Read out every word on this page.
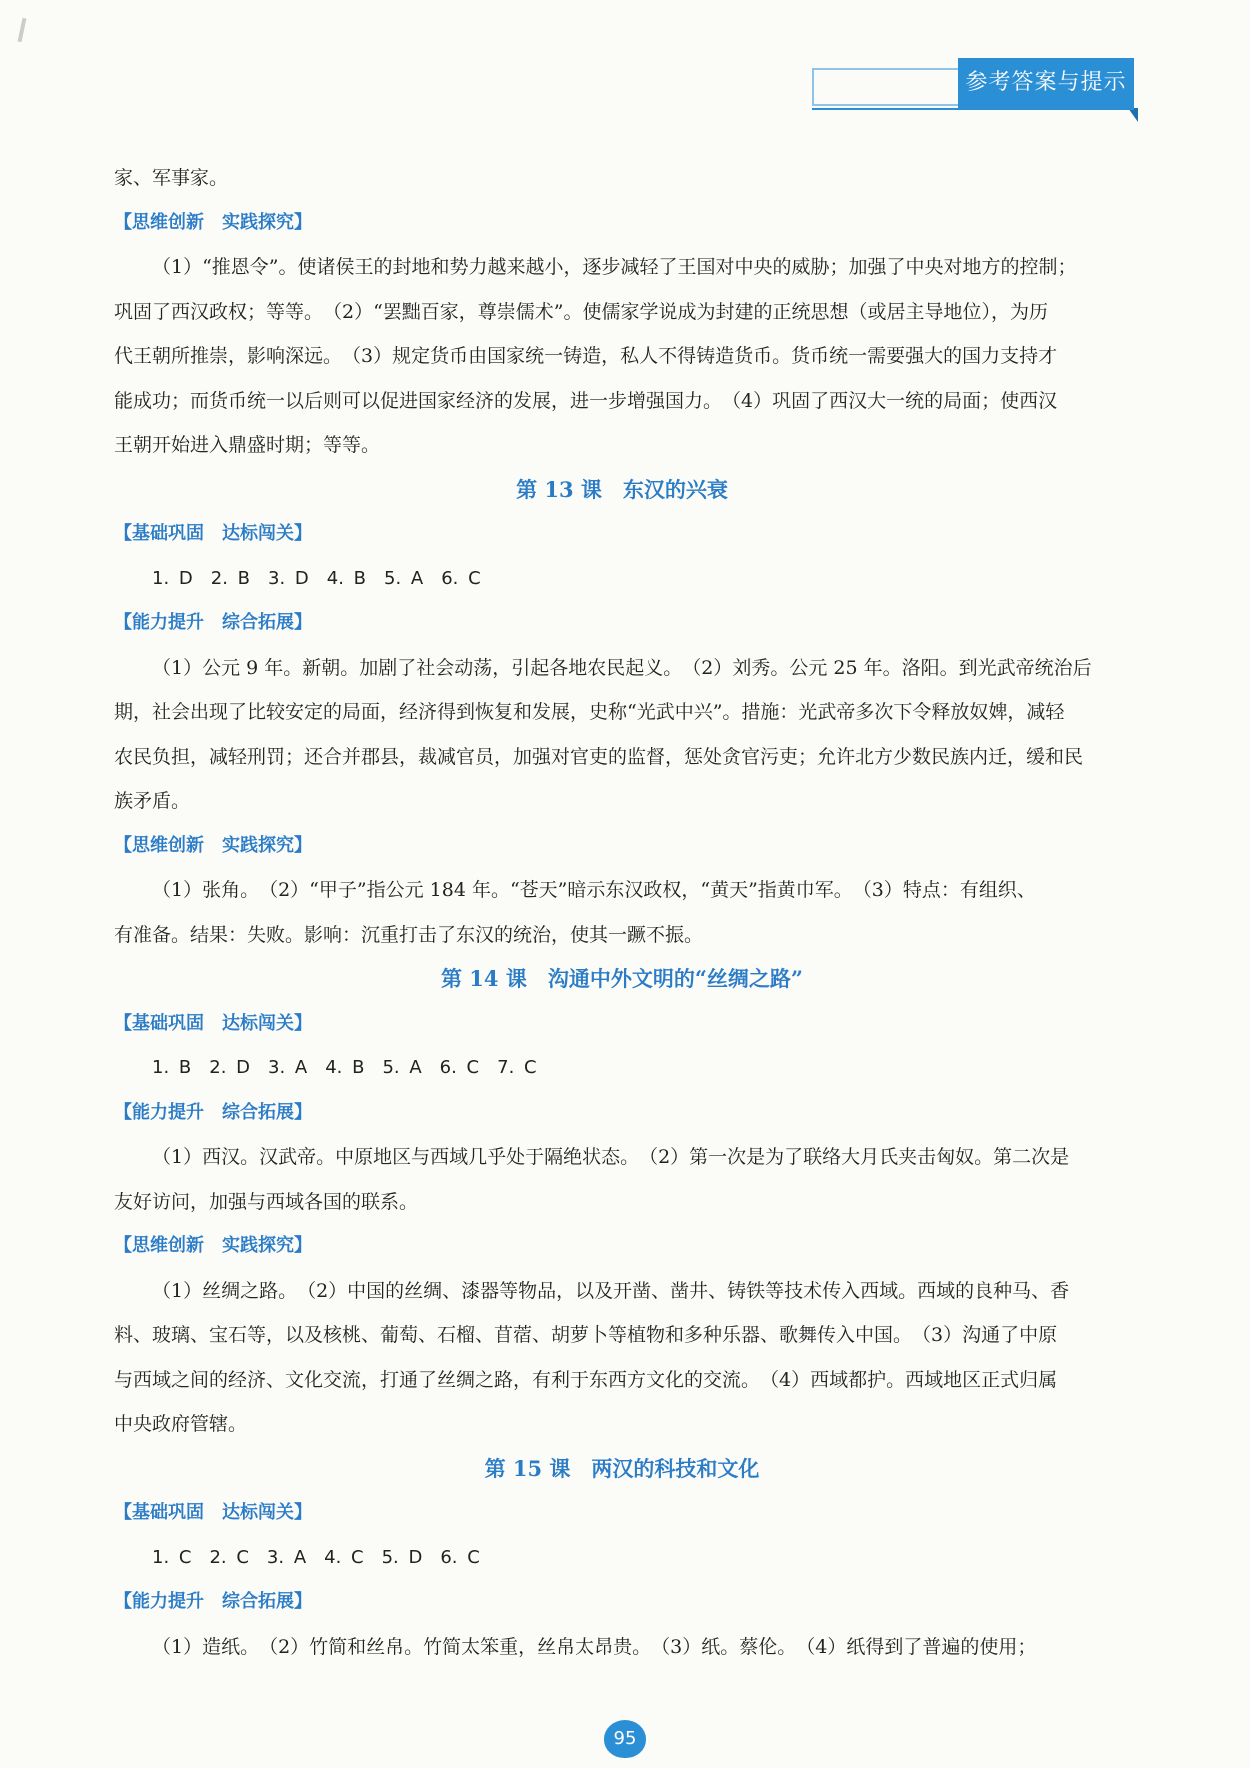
参考答案与提示

家、军事家。

【思维创新　实践探究】

（1）“推恩令”。使诸侯王的封地和势力越来越小，逐步减轻了王国对中央的威胁；加强了中央对地方的控制；

巩固了西汉政权；等等。　（2）“罢黜百家，尊崇儒术”。使儒家学说成为封建的正统思想（或居主导地位），为历

代王朝所推崇，影响深远。　（3）规定货币由国家统一铸造，私人不得铸造货币。货币统一需要强大的国力支持才

能成功；而货币统一以后则可以促进国家经济的发展，进一步增强国力。　（4）巩固了西汉大一统的局面；使西汉

王朝开始进入鼎盛时期；等等。

第 13 课　东汉的兴衰

【基础巩固　达标闯关】

1. D　2. B　3. D　4. B　5. A　6. C

【能力提升　综合拓展】

（1）公元 9 年。新朝。加剧了社会动荡，引起各地农民起义。　（2）刘秀。公元 25 年。洛阳。到光武帝统治后

期，社会出现了比较安定的局面，经济得到恢复和发展，史称“光武中兴”。措施：光武帝多次下令释放奴婢，减轻

农民负担，减轻刑罚；还合并郡县，裁减官员，加强对官吏的监督，惩处贪官污吏；允许北方少数民族内迁，缓和民

族矛盾。

【思维创新　实践探究】

（1）张角。　（2）“甲子”指公元 184 年。“苍天”暗示东汉政权，“黄天”指黄巾军。　（3）特点：有组织、

有准备。结果：失败。影响：沉重打击了东汉的统治，使其一蹶不振。

第 14 课　沟通中外文明的“丝绸之路”

【基础巩固　达标闯关】

1. B　2. D　3. A　4. B　5. A　6. C　7. C

【能力提升　综合拓展】

（1）西汉。汉武帝。中原地区与西域几乎处于隔绝状态。　（2）第一次是为了联络大月氏夹击匈奴。第二次是

友好访问，加强与西域各国的联系。

【思维创新　实践探究】

（1）丝绸之路。　（2）中国的丝绸、漆器等物品，以及开凿、凿井、铸铁等技术传入西域。西域的良种马、香

料、玻璃、宝石等，以及核桃、葡萄、石榴、苜蓿、胡萝卜等植物和多种乐器、歌舞传入中国。　（3）沟通了中原

与西域之间的经济、文化交流，打通了丝绸之路，有利于东西方文化的交流。　（4）西域都护。西域地区正式归属

中央政府管辖。

第 15 课　两汉的科技和文化

【基础巩固　达标闯关】

1. C　2. C　3. A　4. C　5. D　6. C

【能力提升　综合拓展】

（1）造纸。　（2）竹简和丝帛。竹简太笨重，丝帛太昂贵。　（3）纸。蔡伦。　（4）纸得到了普遍的使用；

95
